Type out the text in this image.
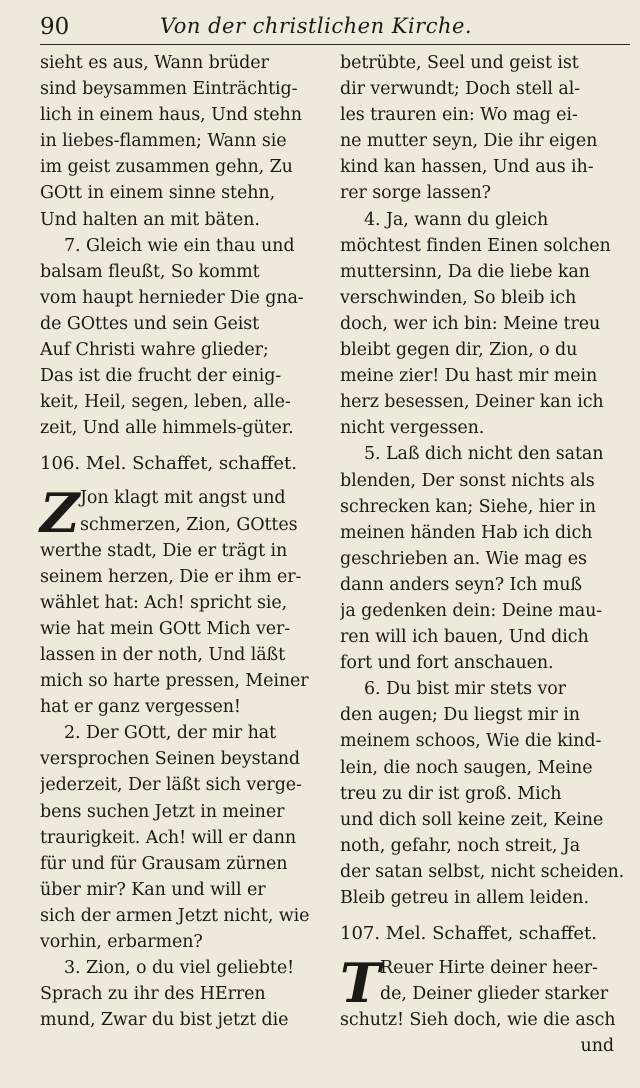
90	Von der christlichen Kirche.
sieht es aus, Wann brüder
sind beysammen Einträchtig-
lich in einem haus, Und stehn
in liebes-flammen; Wann sie
im geist zusammen gehn, Zu
GOtt in einem sinne stehn,
Und halten an mit bäten.
7. Gleich wie ein thau und
balsam fleußt, So kommt
vom haupt hernieder Die gna-
de GOttes und sein Geist
Auf Christi wahre glieder;
Das ist die frucht der einig-
keit, Heil, segen, leben, alle-
zeit, Und alle himmels-güter.
106. Mel. Schaffet, schaffet.
Z Jon klagt mit angst und
schmerzen, Zion, GOttes
werthe stadt, Die er trägt in
seinem herzen, Die er ihm er-
wählet hat: Ach! spricht sie,
wie hat mein GOtt Mich ver-
lassen in der noth, Und läßt
mich so harte pressen, Meiner
hat er ganz vergessen!
2. Der GOtt, der mir hat
versprochen Seinen beystand
jederzeit, Der läßt sich verge-
bens suchen Jetzt in meiner
traurigkeit. Ach! will er dann
für und für Grausam zürnen
über mir? Kan und will er
sich der armen Jetzt nicht, wie
vorhin, erbarmen?
3. Zion, o du viel geliebte!
Sprach zu ihr des HErren
mund, Zwar du bist jetzt die
betrübte, Seel und geist ist
dir verwundt; Doch stell al-
les trauren ein: Wo mag ei-
ne mutter seyn, Die ihr eigen
kind kan hassen, Und aus ih-
rer sorge lassen?
4. Ja, wann du gleich
möchtest finden Einen solchen
muttersinn, Da die liebe kan
verschwinden, So bleib ich
doch, wer ich bin: Meine treu
bleibt gegen dir, Zion, o du
meine zier! Du hast mir mein
herz besessen, Deiner kan ich
nicht vergessen.
5. Laß dich nicht den satan
blenden, Der sonst nichts als
schrecken kan; Siehe, hier in
meinen händen Hab ich dich
geschrieben an. Wie mag es
dann anders seyn? Ich muß
ja gedenken dein: Deine mau-
ren will ich bauen, Und dich
fort und fort anschauen.
6. Du bist mir stets vor
den augen; Du liegst mir in
meinem schoos, Wie die kind-
lein, die noch saugen, Meine
treu zu dir ist groß. Mich
und dich soll keine zeit, Keine
noth, gefahr, noch streit, Ja
der satan selbst, nicht scheiden.
Bleib getreu in allem leiden.
107. Mel. Schaffet, schaffet.
T Reuer Hirte deiner heer-
de, Deiner glieder starker
schutz! Sieh doch, wie die asch
und
